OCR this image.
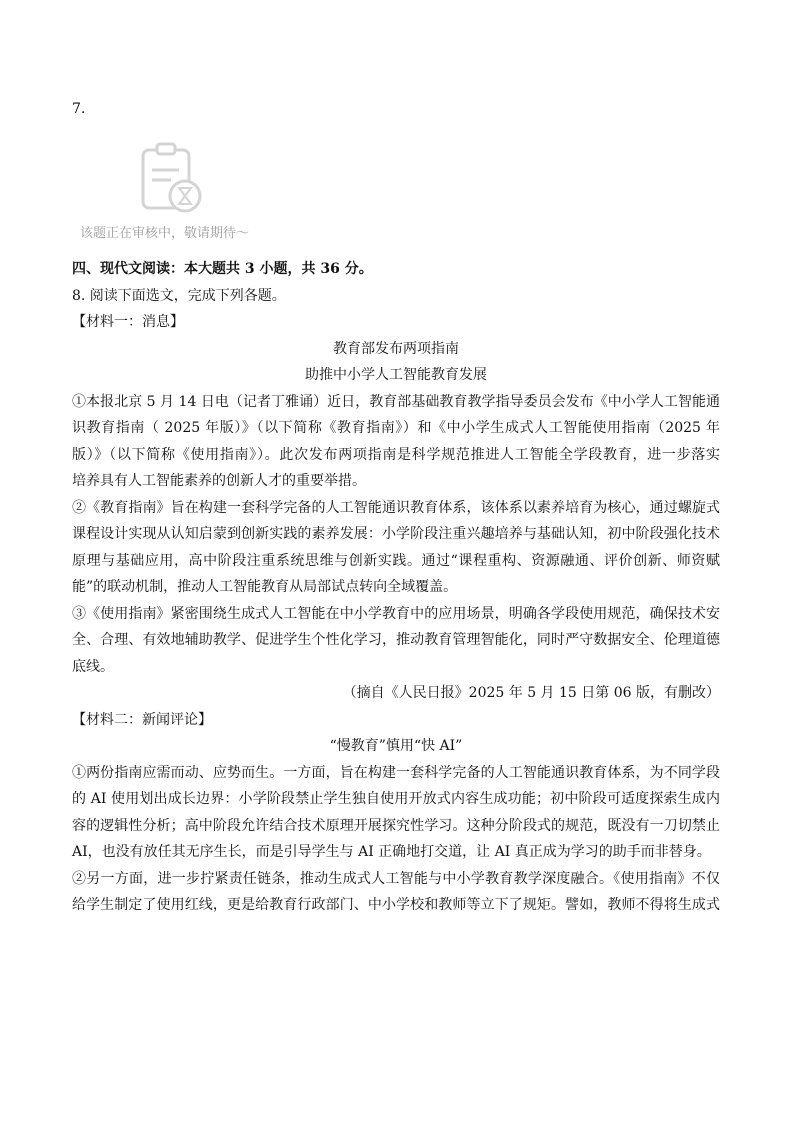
7.
该题正在审核中，敬请期待～

四、现代文阅读：本大题共 3 小题，共 36 分。

8. 阅读下面选文，完成下列各题。

【材料一：消息】

教育部发布两项指南

助推中小学人工智能教育发展

①本报北京 5 月 14 日电（记者丁雅诵）近日，教育部基础教育教学指导委员会发布《中小学人工智能通

识教育指南（ 2025 年版）》（以下简称《教育指南》）和《中小学生成式人工智能使用指南（2025 年

版）》（以下简称《使用指南》）。此次发布两项指南是科学规范推进人工智能全学段教育，进一步落实

培养具有人工智能素养的创新人才的重要举措。

②《教育指南》旨在构建一套科学完备的人工智能通识教育体系，该体系以素养培育为核心，通过螺旋式

课程设计实现从认知启蒙到创新实践的素养发展：小学阶段注重兴趣培养与基础认知，初中阶段强化技术

原理与基础应用，高中阶段注重系统思维与创新实践。通过“课程重构、资源融通、评价创新、师资赋

能”的联动机制，推动人工智能教育从局部试点转向全域覆盖。

③《使用指南》紧密围绕生成式人工智能在中小学教育中的应用场景，明确各学段使用规范，确保技术安

全、合理、有效地辅助教学、促进学生个性化学习，推动教育管理智能化，同时严守数据安全、伦理道德

底线。

（摘自《人民日报》2025 年 5 月 15 日第 06 版，有删改）

【材料二：新闻评论】

“慢教育”慎用“快 AI”

①两份指南应需而动、应势而生。一方面，旨在构建一套科学完备的人工智能通识教育体系，为不同学段

的 AI 使用划出成长边界：小学阶段禁止学生独自使用开放式内容生成功能；初中阶段可适度探索生成内

容的逻辑性分析；高中阶段允许结合技术原理开展探究性学习。这种分阶段式的规范，既没有一刀切禁止

AI，也没有放任其无序生长，而是引导学生与 AI 正确地打交道，让 AI 真正成为学习的助手而非替身。

②另一方面，进一步拧紧责任链条，推动生成式人工智能与中小学教育教学深度融合。《使用指南》不仅

给学生制定了使用红线，更是给教育行政部门、中小学校和教师等立下了规矩。譬如，教师不得将生成式
